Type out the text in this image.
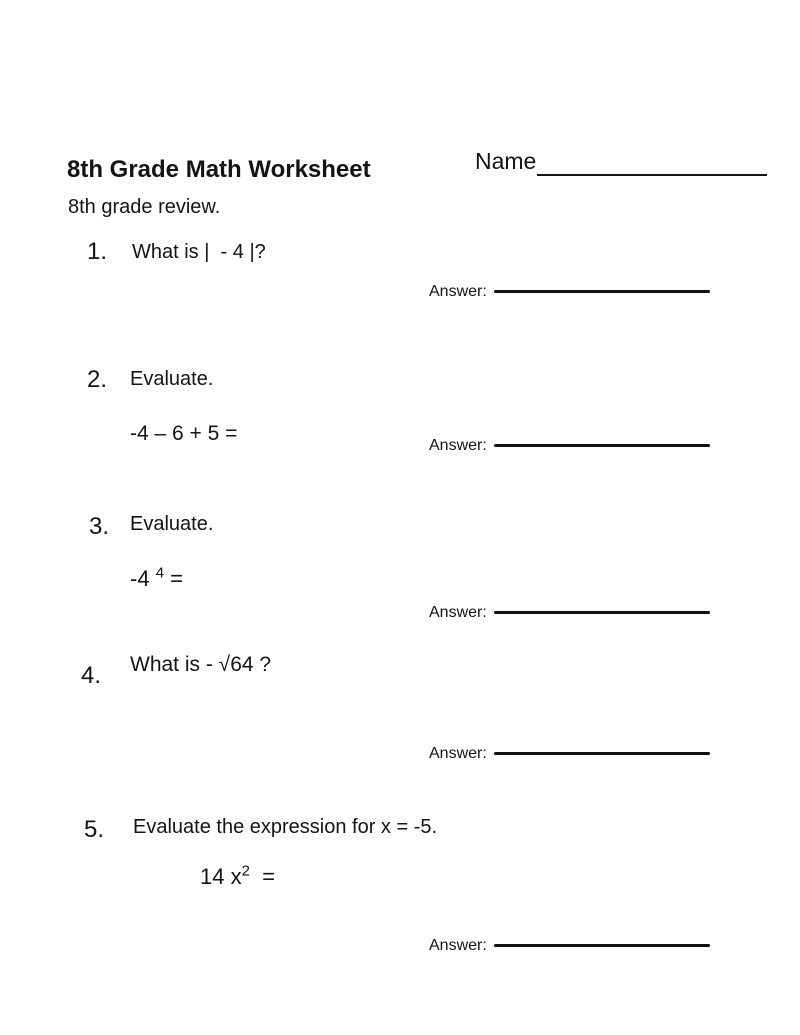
8th Grade Math Worksheet	Name
8th grade review.
1. What is |  - 4 |?
Answer:
2. Evaluate.
-4 – 6 + 5 =
Answer:
3. Evaluate.
-4 $^4$ =
Answer:
4. What is - √64 ?
Answer:
5. Evaluate the expression for x = -5.
14 $x^2$  =
Answer:
